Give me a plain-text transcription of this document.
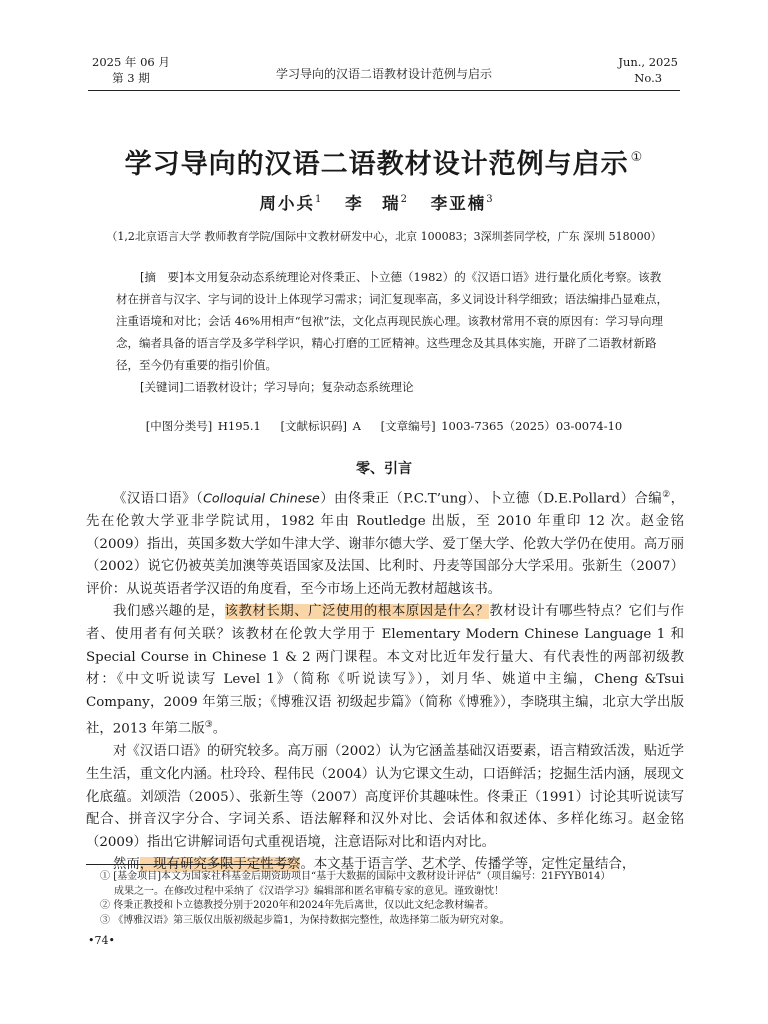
2025 年 06 月
第 3 期	学习导向的汉语二语教材设计范例与启示
Jun., 2025
No.3
学习导向的汉语二语教材设计范例与启示 ①
周小兵$^1$ 李　瑞$^2$ 李亚楠$^3$
（1,2北京语言大学 教师教育学院/国际中文教材研发中心，北京 100083；3深圳荟同学校，广东 深圳 518000）

[摘　要]本文用复杂动态系统理论对佟秉正、卜立德（1982）的《汉语口语》进行量化质化考察。该教材在拼音与汉字、字与词的设计上体现学习需求；词汇复现率高，多义词设计科学细致；语法编排凸显难点，注重语境和对比；会话 46%用相声“包袱”法，文化点再现民族心理。该教材常用不衰的原因有：学习导向理念，编者具备的语言学及多学科学识，精心打磨的工匠精神。这些理念及其具体实施，开辟了二语教材新路径，至今仍有重要的指引价值。

[关键词]二语教材设计；学习导向；复杂动态系统理论

[中图分类号] H195.1 [文献标识码] A [文章编号] 1003-7365（2025）03-0074-10
零、引言

《汉语口语》（Colloquial Chinese）由佟秉正（P.C.T’ung）、卜立德（D.E.Pollard）合编②，先在伦敦大学亚非学院试用，1982 年由 Routledge 出版，至 2010 年重印 12 次。赵金铭（2009）指出，英国多数大学如牛津大学、谢菲尔德大学、爱丁堡大学、伦敦大学仍在使用。高万丽（2002）说它仍被英美加澳等英语国家及法国、比利时、丹麦等国部分大学采用。张新生（2007）评价：从说英语者学汉语的角度看，至今市场上还尚无教材超越该书。

我们感兴趣的是，该教材长期、广泛使用的根本原因是什么？教材设计有哪些特点？它们与作者、使用者有何关联？该教材在伦敦大学用于 Elementary Modern Chinese Language 1 和 Special Course in Chinese 1 & 2 两门课程。本文对比近年发行量大、有代表性的两部初级教材：《中文听说读写 Level 1》（简称《听说读写》），刘月华、姚道中主编，Cheng &Tsui Company，2009 年第三版；《博雅汉语 初级起步篇》（简称《博雅》），李晓琪主编，北京大学出版社，2013 年第二版③。

对《汉语口语》的研究较多。高万丽（2002）认为它涵盖基础汉语要素，语言精致活泼，贴近学生生活，重文化内涵。杜玲玲、程伟民（2004）认为它课文生动，口语鲜活；挖掘生活内涵，展现文化底蕴。刘颂浩（2005）、张新生等（2007）高度评价其趣味性。佟秉正（1991）讨论其听说读写配合、拼音汉字分合、字词关系、语法解释和汉外对比、会话体和叙述体、多样化练习。赵金铭（2009）指出它讲解词语句式重视语境，注意语际对比和语内对比。

然而，现有研究多限于定性考察。本文基于语言学、艺术学、传播学等，定性定量结合，

① [基金项目]本文为国家社科基金后期资助项目“基于大数据的国际中文教材设计评估”（项目编号：21FYYB014）
成果之一。在修改过程中采纳了《汉语学习》编辑部和匿名审稿专家的意见。谨致谢忱！
② 佟秉正教授和卜立德教授分别于2020年和2024年先后离世，仅以此文纪念教材编者。
③ 《博雅汉语》第三版仅出版初级起步篇1，为保持数据完整性，故选择第二版为研究对象。
•74•
